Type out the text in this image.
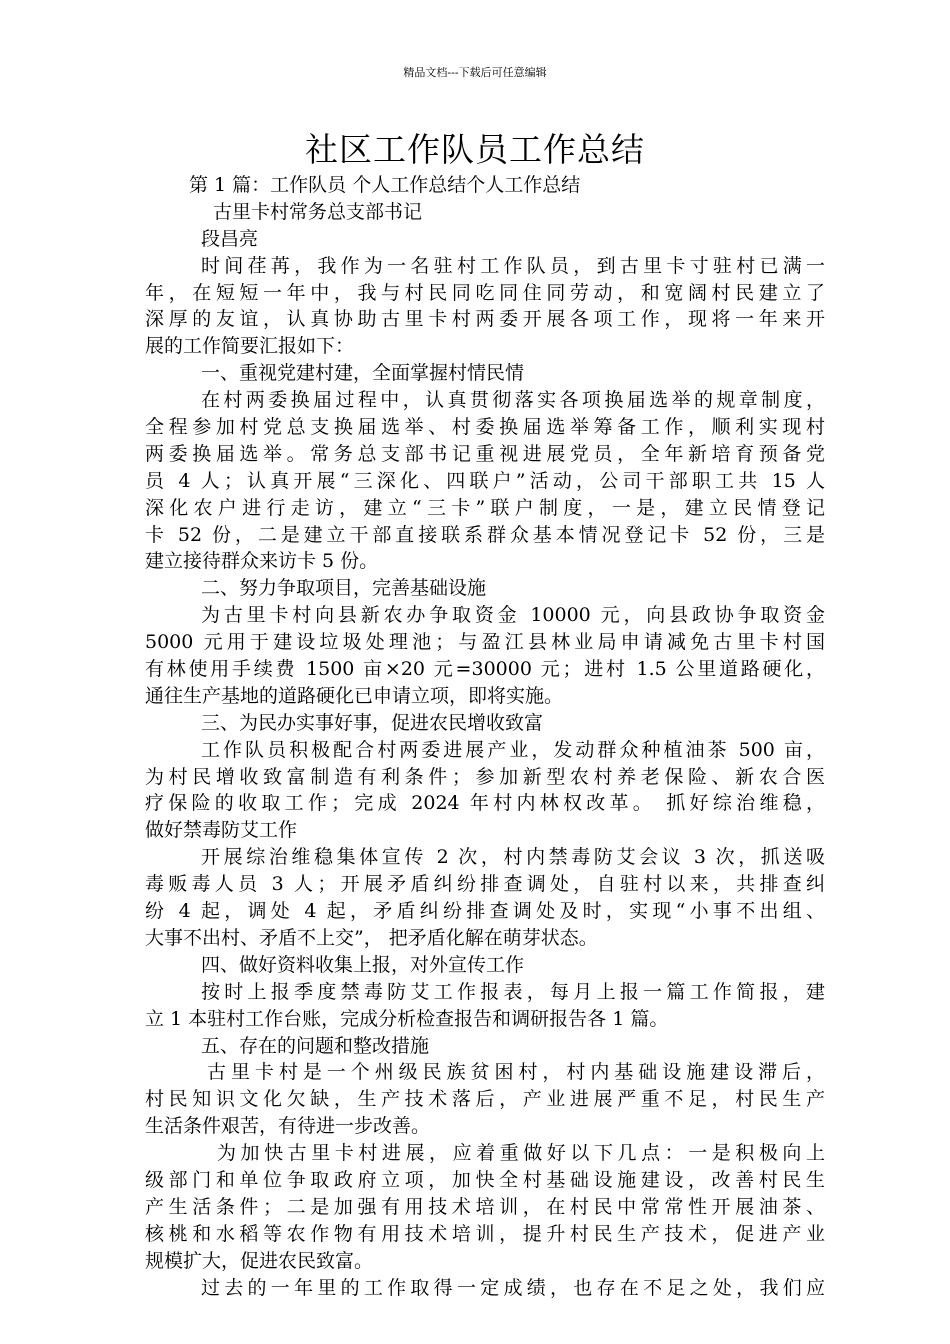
精品文档---下载后可任意编辑
社区工作队员工作总结
第 1 篇：工作队员 个人工作总结个人工作总结
古里卡村常务总支部书记
段昌亮
时间荏苒，我作为一名驻村工作队员，到古里卡寸驻村已满一
年，在短短一年中，我与村民同吃同住同劳动，和宽阔村民建立了
深厚的友谊，认真协助古里卡村两委开展各项工作，现将一年来开
展的工作简要汇报如下：
一、重视党建村建，全面掌握村情民情
在村两委换届过程中，认真贯彻落实各项换届选举的规章制度，
全程参加村党总支换届选举、村委换届选举筹备工作，顺利实现村
两委换届选举。常务总支部书记重视进展党员，全年新培育预备党
员 4 人；认真开展“三深化、四联户”活动，公司干部职工共 15 人
深化农户进行走访，建立“三卡”联户制度，一是，建立民情登记
卡 52 份，二是建立干部直接联系群众基本情况登记卡 52 份，三是
建立接待群众来访卡 5 份。
二、努力争取项目，完善基础设施
为古里卡村向县新农办争取资金 10000 元，向县政协争取资金
5000 元用于建设垃圾处理池；与盈江县林业局申请减免古里卡村国
有林使用手续费 1500 亩×20 元=30000 元；进村 1.5 公里道路硬化，
通往生产基地的道路硬化已申请立项，即将实施。
三、为民办实事好事，促进农民增收致富
工作队员积极配合村两委进展产业，发动群众种植油茶 500 亩，
为村民增收致富制造有利条件；参加新型农村养老保险、新农合医
疗保险的收取工作；完成 2024 年村内林权改革。 抓好综治维稳，
做好禁毒防艾工作
开展综治维稳集体宣传 2 次，村内禁毒防艾会议 3 次，抓送吸
毒贩毒人员 3 人；开展矛盾纠纷排查调处，自驻村以来，共排查纠
纷 4 起，调处 4 起，矛盾纠纷排查调处及时，实现“小事不出组、
大事不出村、矛盾不上交”， 把矛盾化解在萌芽状态。
四、做好资料收集上报，对外宣传工作
按时上报季度禁毒防艾工作报表，每月上报一篇工作简报，建
立 1 本驻村工作台账，完成分析检查报告和调研报告各 1 篇。
五、存在的问题和整改措施
古里卡村是一个州级民族贫困村，村内基础设施建设滞后，
村民知识文化欠缺，生产技术落后，产业进展严重不足，村民生产
生活条件艰苦，有待进一步改善。
为加快古里卡村进展，应着重做好以下几点：一是积极向上
级部门和单位争取政府立项，加快全村基础设施建设，改善村民生
产生活条件；二是加强有用技术培训，在村民中常常性开展油茶、
核桃和水稻等农作物有用技术培训，提升村民生产技术，促进产业
规模扩大，促进农民致富。
过去的一年里的工作取得一定成绩，也存在不足之处，我们应
